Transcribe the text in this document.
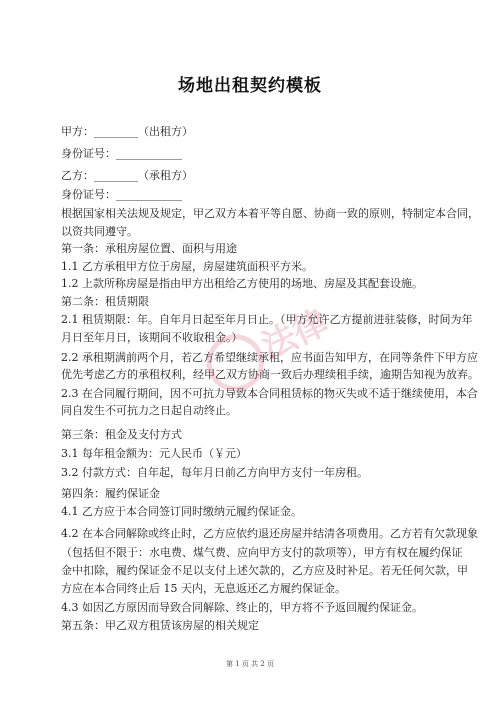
场地出租契约模板
甲方：________（出租方）
身份证号：____________
乙方：________（承租方）
身份证号：____________
根据国家相关法规及规定，甲乙双方本着平等自愿、协商一致的原则，特制定本合同，
以资共同遵守。
第一条：承租房屋位置、面积与用途
1.1 乙方承租甲方位于房屋，房屋建筑面积平方米。
1.2 上款所称房屋是指由甲方出租给乙方使用的场地、房屋及其配套设施。
第二条：租赁期限
2.1 租赁期限：年。自年月日起至年月日止。（甲方允许乙方提前进驻装修，时间为年
月日至年月日，该期间不收取租金。）
2.2 承租期满前两个月，若乙方希望继续承租，应书面告知甲方，在同等条件下甲方应
优先考虑乙方的承租权利，经甲乙双方协商一致后办理续租手续，逾期告知视为放弃。
2.3 在合同履行期间，因不可抗力导致本合同租赁标的物灭失或不适于继续使用，本合
同自发生不可抗力之日起自动终止。
第三条：租金及支付方式
3.1 每年租金额为：元人民币（￥元）
3.2 付款方式：自年起，每年月日前乙方向甲方支付一年房租。
第四条：履约保证金
4.1 乙方应于本合同签订同时缴纳元履约保证金。
4.2 在本合同解除或终止时，乙方应依约退还房屋并结清各项费用。乙方若有欠款现象
（包括但不限于：水电费、煤气费、应向甲方支付的款项等），甲方有权在履约保证
金中扣除，履约保证金不足以支付上述欠款的，乙方应及时补足。若无任何欠款，甲
方应在本合同终止后 15 天内，无息返还乙方履约保证金。
4.3 如因乙方原因而导致合同解除、终止的，甲方将不予返回履约保证金。
第五条：甲乙双方租赁该房屋的相关规定
法律
第 1 页 共 2 页
